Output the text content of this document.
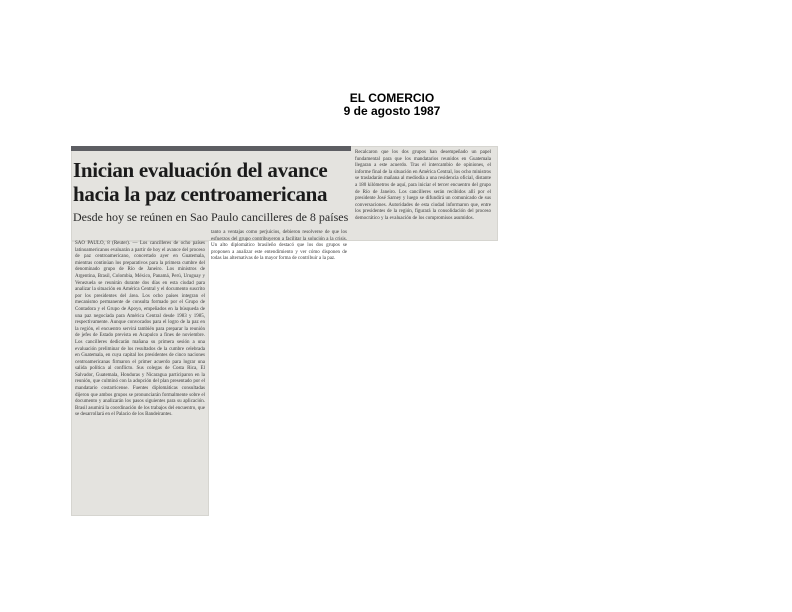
EL COMERCIO
9 de agosto 1987
Inician evaluación del avance
hacia la paz centroamericana
Desde hoy se reúnen en Sao Paulo cancilleres de 8 países
tanto a ventajas como perjuicios, debieron resolverse de que los esfuerzos del grupo contribuyeron a facilitar la solución a la crisis. Un alto diplomático brasileño destacó que los dos grupos se proponen a analizar este entendimiento y ver cómo disponen de todas las alternativas de la mayor forma de contribuir a la paz.
Recalcaron que los dos grupos han desempeñado un papel fundamental para que los mandatarios reunidos en Guatemala llegaran a este acuerdo. Tras el intercambio de opiniones, el informe final de la situación en América Central, los ocho ministros se trasladarán mañana al mediodía a una residencia oficial, distante a 180 kilómetros de aquí, para iniciar el tercer encuentro del grupo de Río de Janeiro. Los cancilleres serán recibidos allí por el presidente José Sarney y luego se difundirá un comunicado de sus conversaciones. Autoridades de esta ciudad informaron que, entre los presidentes de la región, figurará la consolidación del proceso democrático y la evaluación de los compromisos asumidos.
SAO PAULO, 8 (Reuter). — Los cancilleres de ocho países latinoamericanos evaluarán a partir de hoy el avance del proceso de paz centroamericano, concertado ayer en Guatemala, mientras continúan los preparativos para la primera cumbre del denominado grupo de Río de Janeiro. Los ministros de Argentina, Brasil, Colombia, México, Panamá, Perú, Uruguay y Venezuela se reunirán durante dos días en esta ciudad para analizar la situación en América Central y el documento suscrito por los presidentes del área. Los ocho países integran el mecanismo permanente de consulta formado por el Grupo de Contadora y el Grupo de Apoyo, empeñados en la búsqueda de una paz negociada para América Central desde 1983 y 1985, respectivamente. Aunque convocados para el logro de la paz en la región, el encuentro servirá también para preparar la reunión de jefes de Estado prevista en Acapulco a fines de noviembre. Los cancilleres dedicarán mañana su primera sesión a una evaluación preliminar de los resultados de la cumbre celebrada en Guatemala, en cuya capital los presidentes de cinco naciones centroamericanas firmaron el primer acuerdo para lograr una salida política al conflicto. Sus colegas de Costa Rica, El Salvador, Guatemala, Honduras y Nicaragua participaron en la reunión, que culminó con la adopción del plan presentado por el mandatario costarricense. Fuentes diplomáticas consultadas dijeron que ambos grupos se pronunciarán formalmente sobre el documento y analizarán los pasos siguientes para su aplicación. Brasil asumirá la coordinación de los trabajos del encuentro, que se desarrollará en el Palacio de los Bandeirantes.
